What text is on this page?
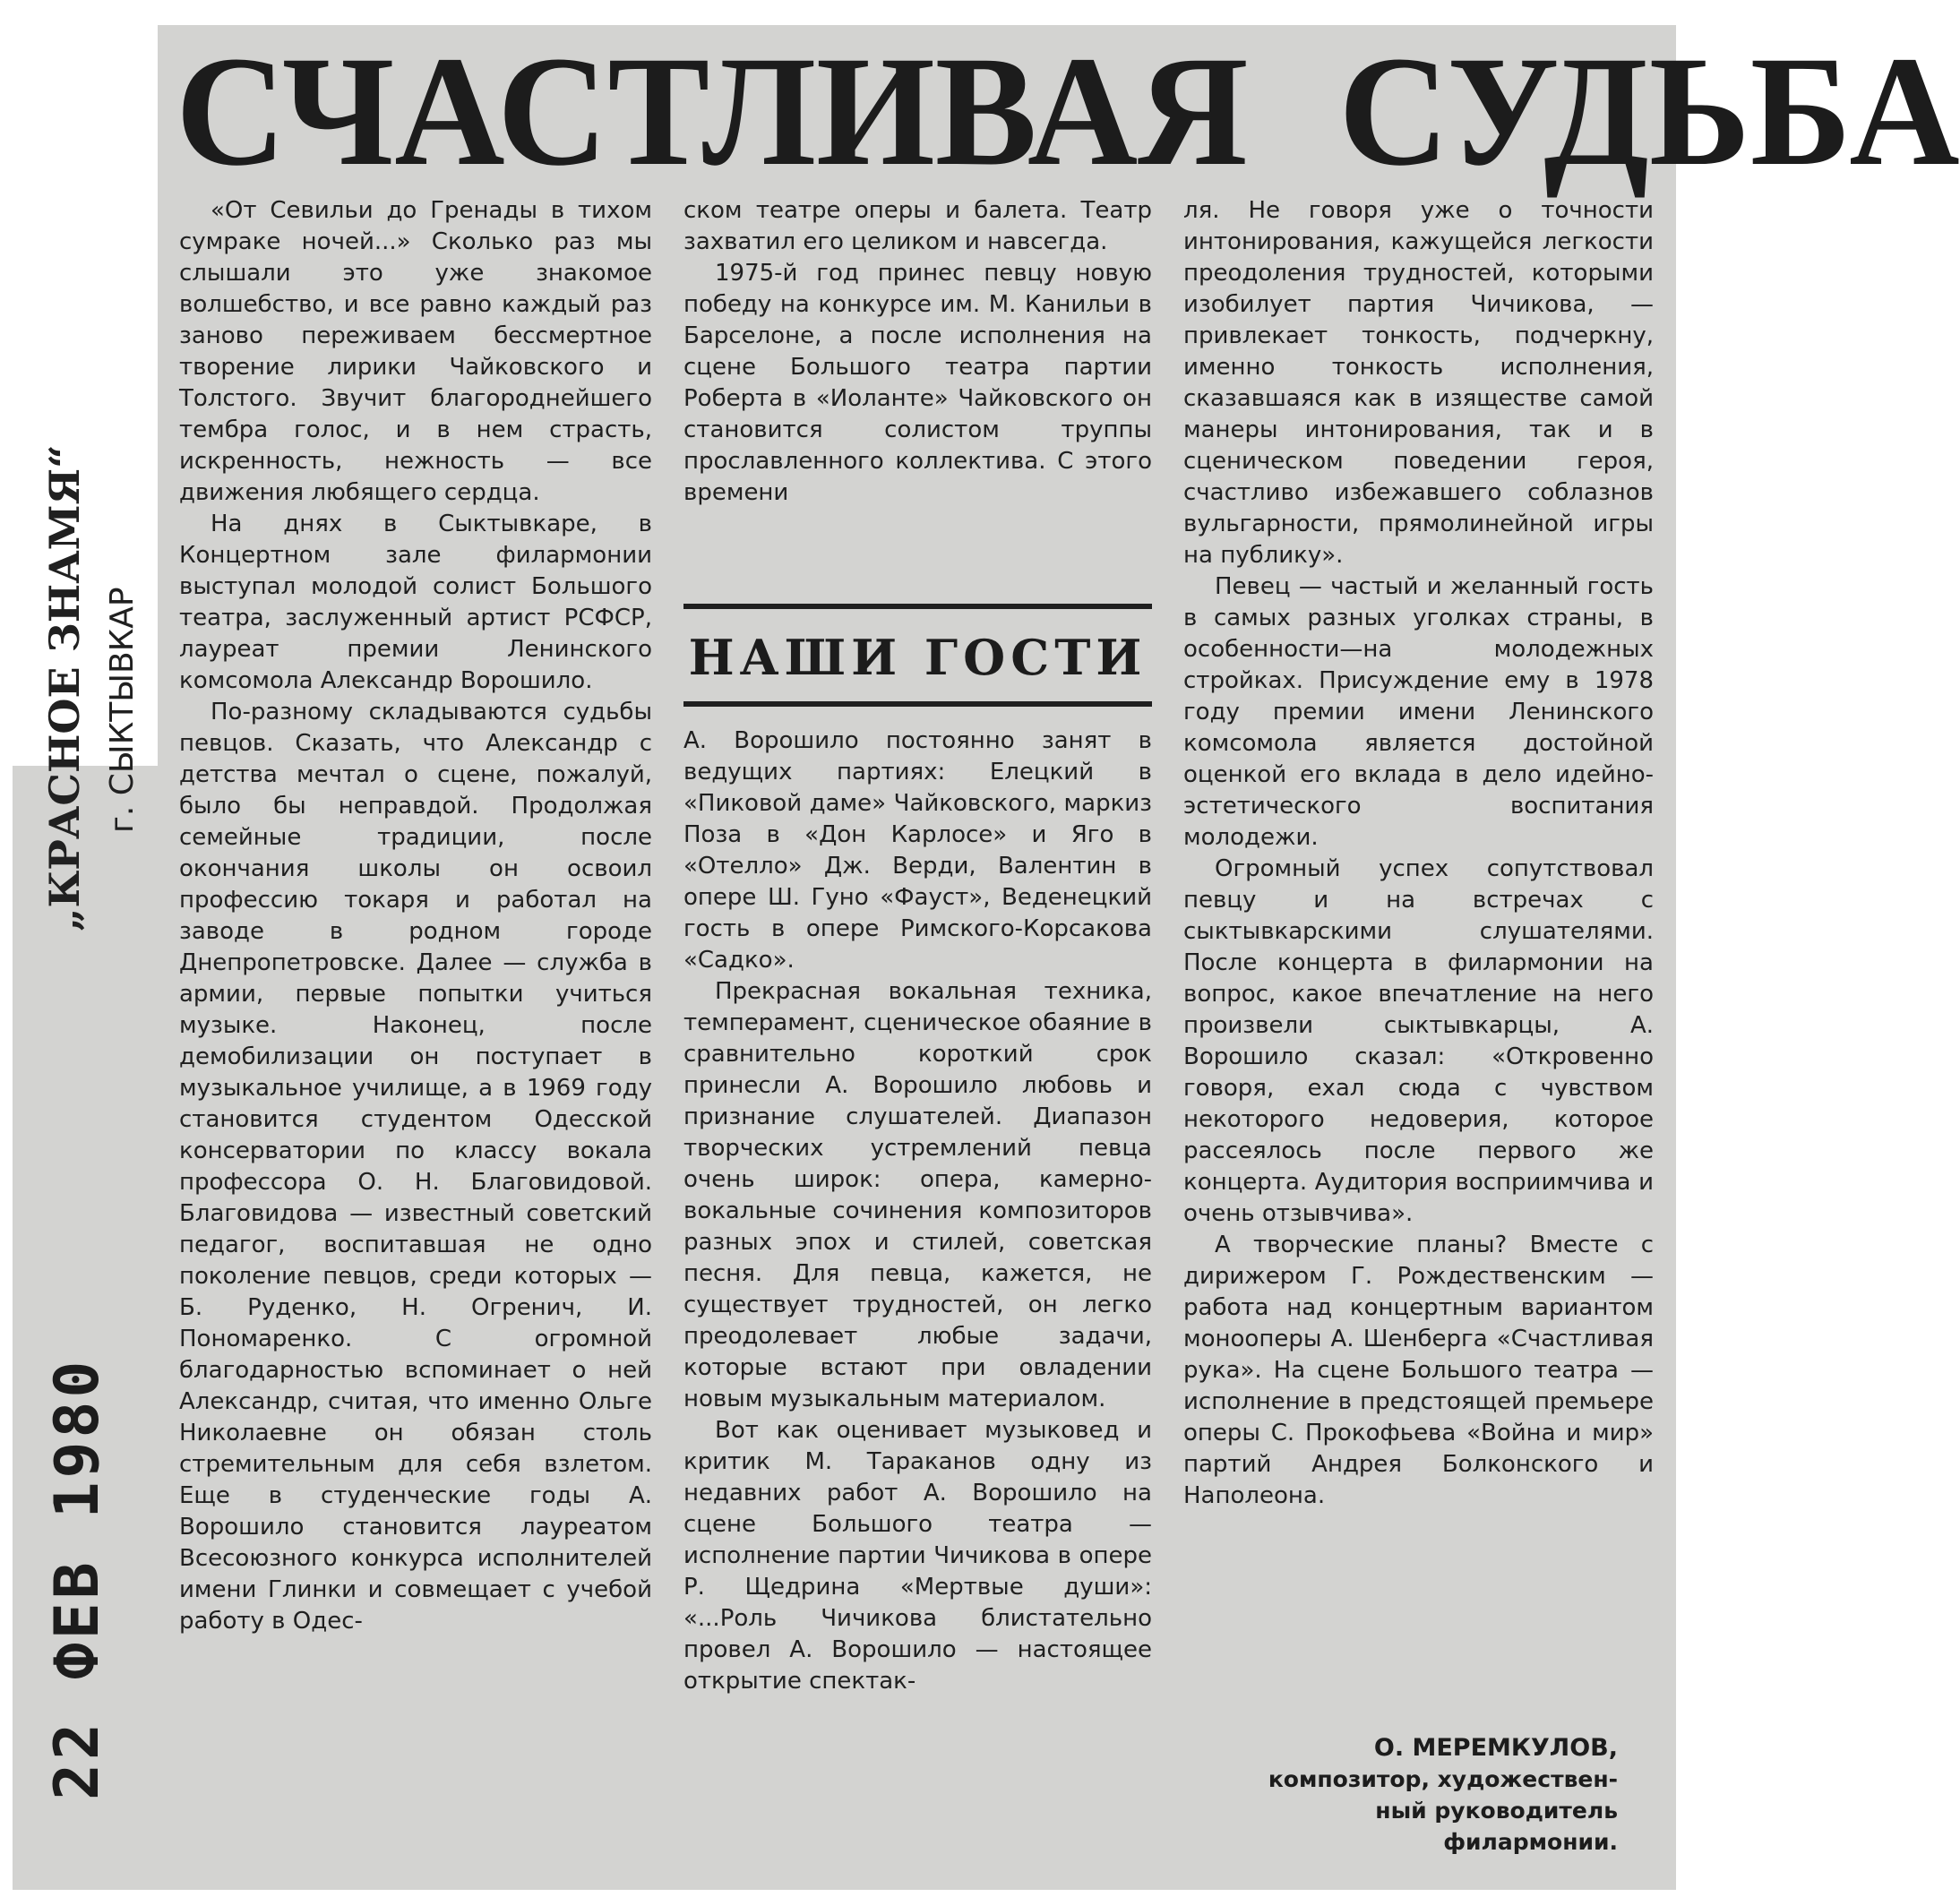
СЧАСТЛИВАЯ СУДЬБА

«От Севильи до Гренады в тихом сумраке ночей...» Сколько раз мы слышали это уже знакомое волшебство, и все равно каждый раз заново переживаем бессмертное творение лирики Чайковского и Толстого. Звучит благороднейшего тембра голос, и в нем страсть, искренность, нежность — все движения любящего сердца.

На днях в Сыктывкаре, в Концертном зале филармонии выступал молодой солист Большого театра, заслуженный артист РСФСР, лауреат премии Ленинского комсомола Александр Ворошило.

По-разному складываются судьбы певцов. Сказать, что Александр с детства мечтал о сцене, пожалуй, было бы неправдой. Продолжая семейные традиции, после окончания школы он освоил профессию токаря и работал на заводе в родном городе Днепропетровске. Далее — служба в армии, первые попытки учиться музыке. Наконец, после демобилизации он поступает в музыкальное училище, а в 1969 году становится студентом Одесской консерватории по классу вокала профессора О. Н. Благовидовой. Благовидова — известный советский педагог, воспитавшая не одно поколение певцов, среди которых — Б. Руденко, Н. Огренич, И. Пономаренко. С огромной благодарностью вспоминает о ней Александр, считая, что именно Ольге Николаевне он обязан столь стремительным для себя взлетом. Еще в студенческие годы А. Ворошило становится лауреатом Всесоюзного конкурса исполнителей имени Глинки и совмещает с учебой работу в Одес-

ском театре оперы и балета. Театр захватил его целиком и навсегда.

1975-й год принес певцу новую победу на конкурсе им. М. Канильи в Барселоне, а после исполнения на сцене Большого театра партии Роберта в «Иоланте» Чайковского он становится солистом труппы прославленного коллектива. С этого времени

НАШИ ГОСТИ

А. Ворошило постоянно занят в ведущих партиях: Елецкий в «Пиковой даме» Чайковского, маркиз Поза в «Дон Карлосе» и Яго в «Отелло» Дж. Верди, Валентин в опере Ш. Гуно «Фауст», Веденецкий гость в опере Римского-Корсакова «Садко».

Прекрасная вокальная техника, темперамент, сценическое обаяние в сравнительно короткий срок принесли А. Ворошило любовь и признание слушателей. Диапазон творческих устремлений певца очень широк: опера, камерно-вокальные сочинения композиторов разных эпох и стилей, советская песня. Для певца, кажется, не существует трудностей, он легко преодолевает любые задачи, которые встают при овладении новым музыкальным материалом.

Вот как оценивает музыковед и критик М. Тараканов одну из недавних работ А. Ворошило на сцене Большого театра — исполнение партии Чичикова в опере Р. Щедрина «Мертвые души»: «...Роль Чичикова блистательно провел А. Ворошило — настоящее открытие спектак-

ля. Не говоря уже о точности интонирования, кажущейся легкости преодоления трудностей, которыми изобилует партия Чичикова, — привлекает тонкость, подчеркну, именно тонкость исполнения, сказавшаяся как в изяществе самой манеры интонирования, так и в сценическом поведении героя, счастливо избежавшего соблазнов вульгарности, прямолинейной игры на публику».

Певец — частый и желанный гость в самых разных уголках страны, в особенности—на молодежных стройках. Присуждение ему в 1978 году премии имени Ленинского комсомола является достойной оценкой его вклада в дело идейно-эстетического воспитания молодежи.

Огромный успех сопутствовал певцу и на встречах с сыктывкарскими слушателями. После концерта в филармонии на вопрос, какое впечатление на него произвели сыктывкарцы, А. Ворошило сказал: «Откровенно говоря, ехал сюда с чувством некоторого недоверия, которое рассеялось после первого же концерта. Аудитория восприимчива и очень отзывчива».

А творческие планы? Вместе с дирижером Г. Рождественским — работа над концертным вариантом монооперы А. Шенберга «Счастливая рука». На сцене Большого театра — исполнение в предстоящей премьере оперы С. Прокофьева «Война и мир» партий Андрея Болконского и Наполеона.

О. МЕРЕМКУЛОВ,
композитор, художествен-
ный руководитель
филармонии.
„КРАСНОЕ ЗНАМЯ“ г. СЫКТЫВКАР
22 ФЕВ 1980
